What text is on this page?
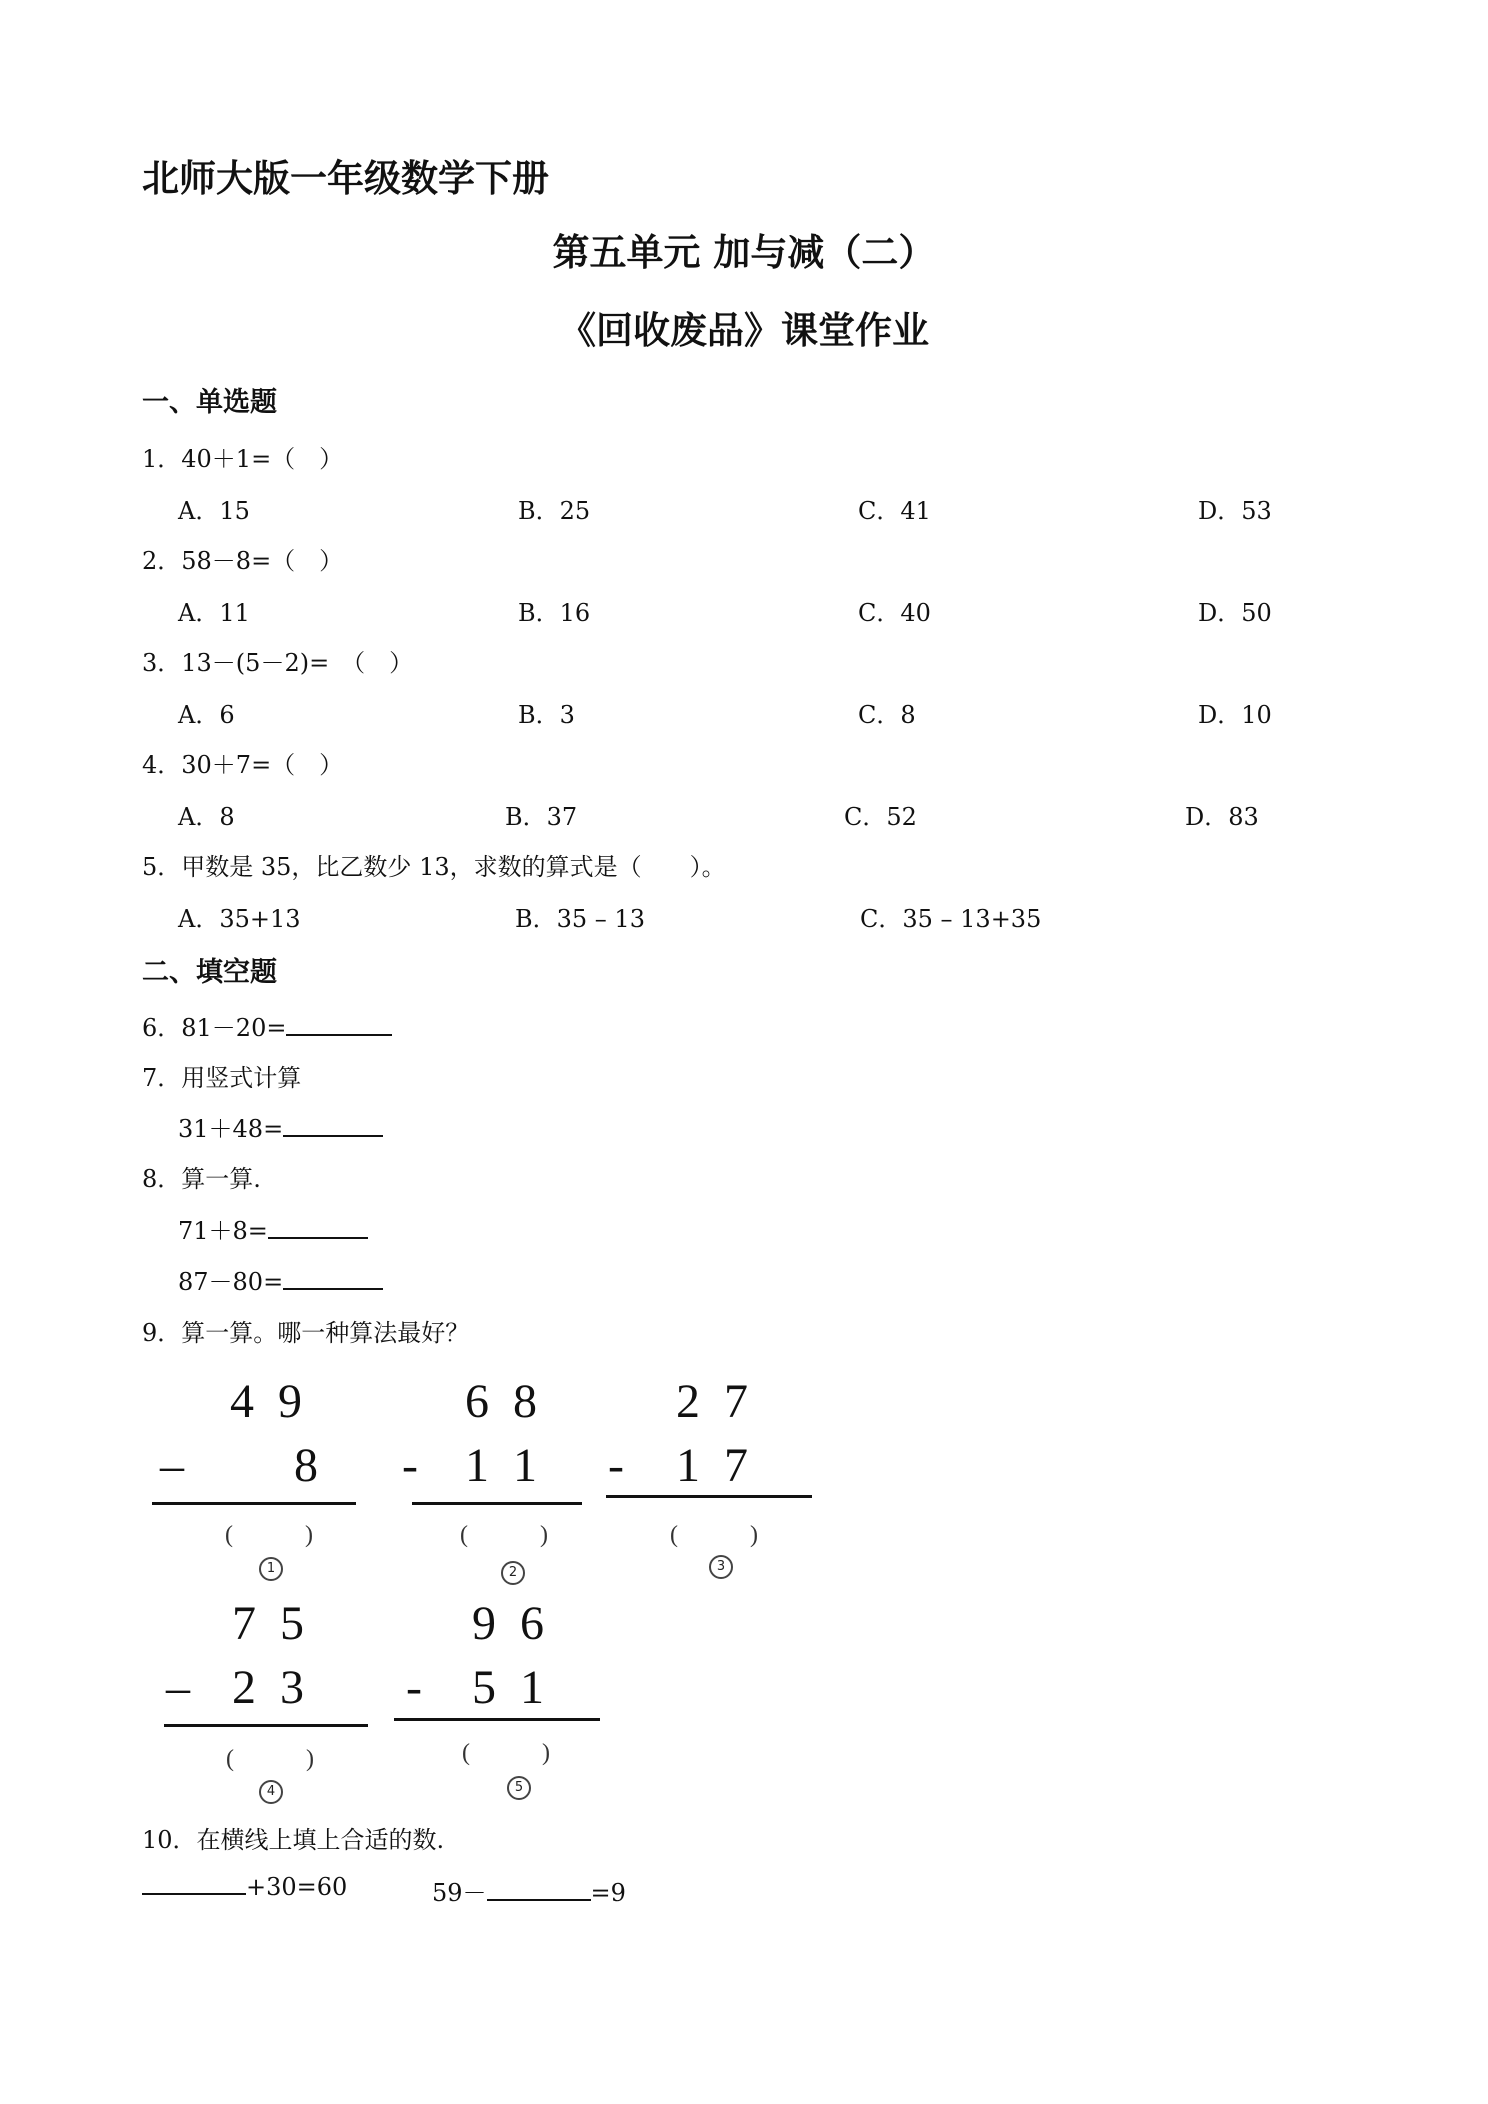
北师大版一年级数学下册
第五单元 加与减（二）
《回收废品》课堂作业
一、单选题
1．40＋1=（　）
A．15	B．25	C．41	D．53
2．58－8=（　）
A．11	B．16	C．40	D．50
3．13－(5－2)=　（　）
A．6	B．3	C．8	D．10
4．30＋7=（　）
A．8	B．37	C．52	D．83
5．甲数是 35，比乙数少 13，求数的算式是（　　）。
A．35+13	B．35 – 13	C．35 – 13+35
二、填空题
6．81－20=
7．用竖式计算
31＋48=
8．算一算.
71＋8=
87－80=
9．算一算。哪一种算法最好？
4 9
– 8
(　　　)
1
6 8
- 1 1
(　　　)
2
2 7
- 1 7
(　　　)
3
7 5
– 2 3
(　　　)
4
9 6
- 5 1
(　　　)
5
10．在横线上填上合适的数.
+30=60	59－	=9
